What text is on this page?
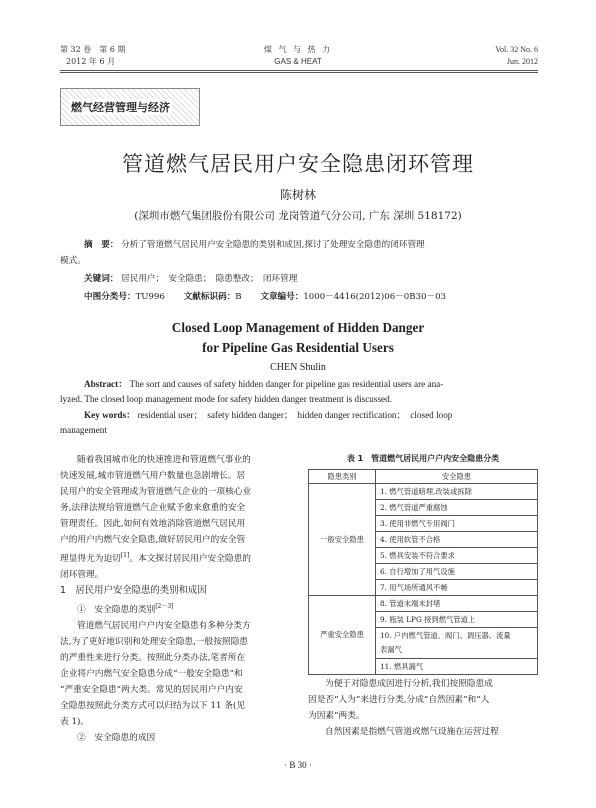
第 32 卷　第 6 期
2012 年 6 月
煤 气 与 热 力
GAS & HEAT
Vol. 32 No. 6
Jun. 2012
燃气经营管理与经济
管道燃气居民用户安全隐患闭环管理
陈树林
(深圳市燃气集团股份有限公司 龙岗管道气分公司, 广东 深圳 518172)
摘　要： 分析了管道燃气居民用户安全隐患的类别和成因,探讨了处理安全隐患的闭环管理
模式。
关键词： 居民用户；　安全隐患；　隐患整改；　闭环管理
中图分类号：TU996 文献标识码：B 文章编号：1000－4416(2012)06－0B30－03
Closed Loop Management of Hidden Danger
for Pipeline Gas Residential Users
CHEN Shulin
Abstract： The sort and causes of safety hidden danger for pipeline gas residential users are ana-
lyzed. The closed loop management mode for safety hidden danger treatment is discussed.
Key words： residential user；　safety hidden danger；　hidden danger rectification；　closed loop
management
随着我国城市化的快速推进和管道燃气事业的
快速发展,城市管道燃气用户数量也急剧增长。居
民用户的安全管理成为管道燃气企业的一项核心业
务,法律法规给管道燃气企业赋予愈来愈重的安全
管理责任。因此,如何有效地消除管道燃气居民用
户的用户内燃气安全隐患,做好居民用户的安全管
理显得尤为迫切[1]。本文探讨居民用户安全隐患的
闭环管理。
1　居民用户安全隐患的类别和成因
①　安全隐患的类别[2－3]
管道燃气居民用户户内安全隐患有多种分类方
法,为了更好地识别和处理安全隐患,一般按照隐患
的严重性来进行分类。按照此分类办法,笔者所在
企业将户内燃气安全隐患分成“一般安全隐患”和
“严重安全隐患”两大类。常见的居民用户户内安
全隐患按照此分类方式可以归结为以下 11 条(见
表 1)。
②　安全隐患的成因
表 1　管道燃气居民用户户内安全隐患分类
隐患类别	安全隐患
一般安全隐患	1. 燃气管道暗埋,改装或拆除
	2. 燃气管道严重腐蚀
	3. 使用非燃气专用阀门
	4. 使用软管不合格
	5. 燃具安装不符合要求
	6. 自行增加了用气设施
	7. 用气场所通风不畅
严重安全隐患	8. 管道末端未封堵
	9. 瓶装 LPG 接到燃气管道上

	10. 户内燃气管道、阀门、调压器、流量
表漏气

	11. 燃具漏气
为便于对隐患成因进行分析,我们按照隐患成
因是否“人为”来进行分类,分成“自然因素”和“人
为因素”两类。
自然因素是指燃气管道或燃气设施在运营过程
· B 30 ·
